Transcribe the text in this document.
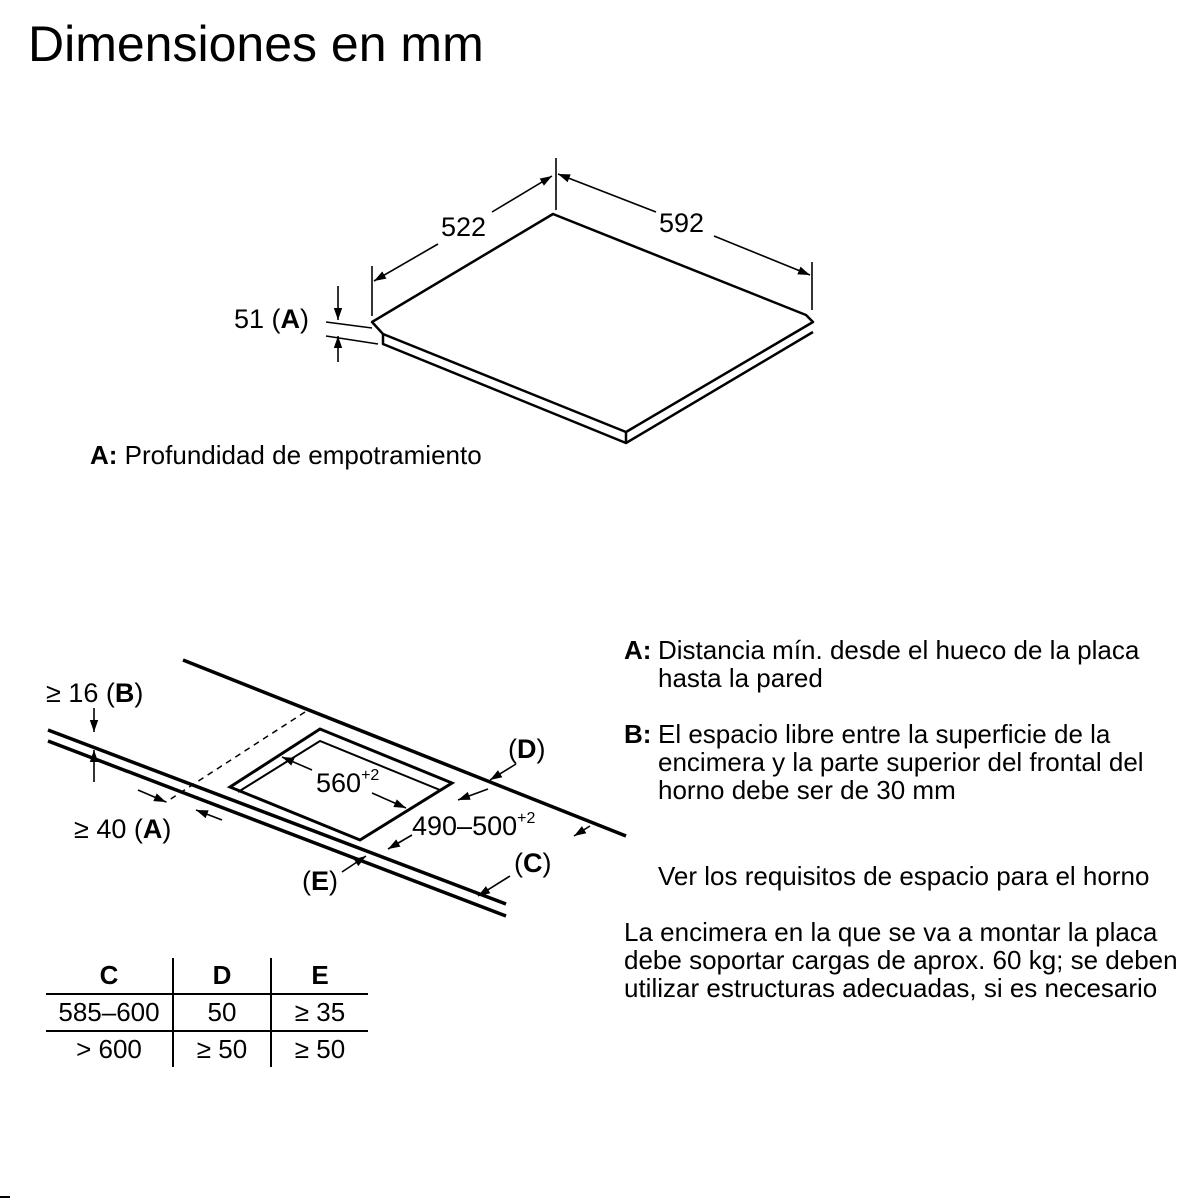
Dimensiones en mm
522	592
51 (A)
≥ 16 (B)
≥ 40 (A)
(D)
(C)
(E)
$560^{+2}$
$490-500^{+2}$
A: Profundidad de empotramiento
C	D	E
585–600	50	≥ 35
> 600	≥ 50	≥ 50
A: Distancia mín. desde el hueco de la placa hasta la pared
B: El espacio libre entre la superficie de la encimera y la parte superior del frontal del horno debe ser de 30 mm
Ver los requisitos de espacio para el horno
La encimera en la que se va a montar la placa debe soportar cargas de aprox. 60 kg; se deben utilizar estructuras adecuadas, si es necesario
